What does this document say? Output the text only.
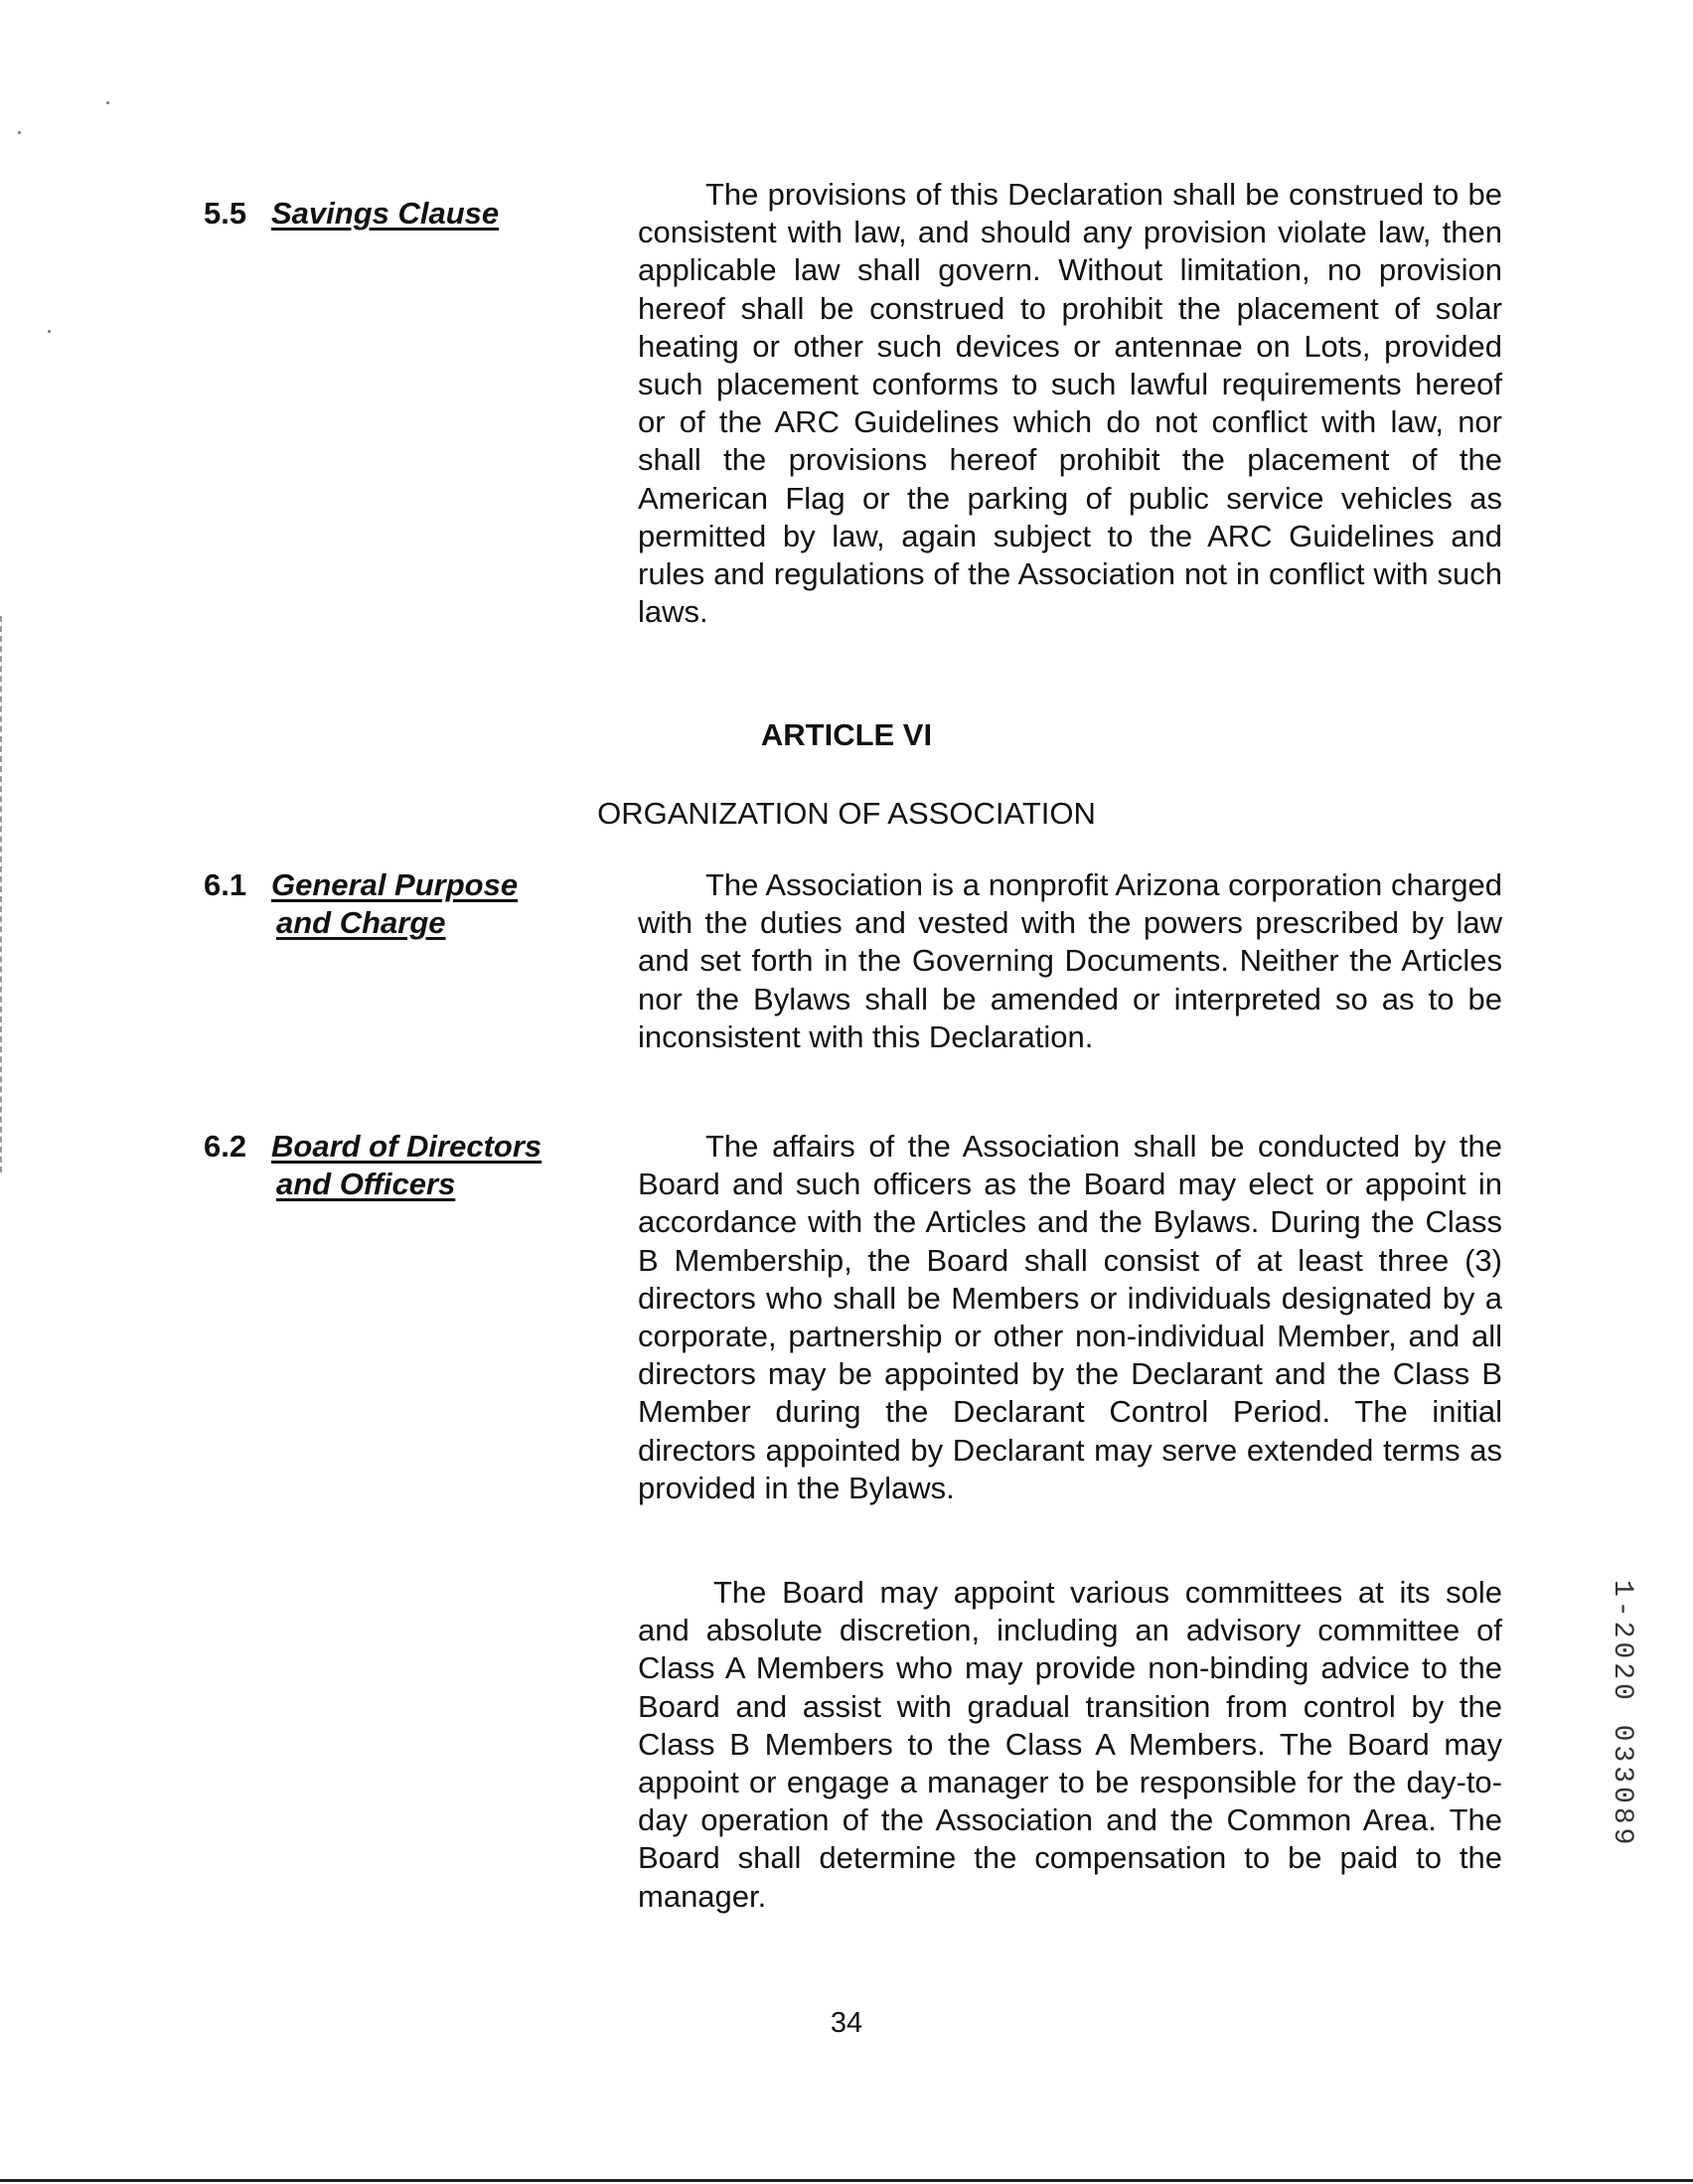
5.5 Savings Clause

The provisions of this Declaration shall be construed to be consistent with law, and should any provision violate law, then applicable law shall govern. Without limitation, no provision hereof shall be construed to prohibit the placement of solar heating or other such devices or antennae on Lots, provided such placement conforms to such lawful requirements hereof or of the ARC Guidelines which do not conflict with law, nor shall the provisions hereof prohibit the placement of the American Flag or the parking of public service vehicles as permitted by law, again subject to the ARC Guidelines and rules and regulations of the Association not in conflict with such laws.

ARTICLE VI
ORGANIZATION OF ASSOCIATION
6.1 General Purpose
and Charge

The Association is a nonprofit Arizona corporation charged with the duties and vested with the powers prescribed by law and set forth in the Governing Documents. Neither the Articles nor the Bylaws shall be amended or interpreted so as to be inconsistent with this Declaration.

6.2 Board of Directors
and Officers

The affairs of the Association shall be conducted by the Board and such officers as the Board may elect or appoint in accordance with the Articles and the Bylaws. During the Class B Membership, the Board shall consist of at least three (3) directors who shall be Members or individuals designated by a corporate, partnership or other non-individual Member, and all directors may be appointed by the Declarant and the Class B Member during the Declarant Control Period. The initial directors appointed by Declarant may serve extended terms as provided in the Bylaws.

The Board may appoint various committees at its sole and absolute discretion, including an advisory committee of Class A Members who may provide non-binding advice to the Board and assist with gradual transition from control by the Class B Members to the Class A Members. The Board may appoint or engage a manager to be responsible for the day-to-day operation of the Association and the Common Area. The Board shall determine the compensation to be paid to the manager.

34
1-2020 033089
